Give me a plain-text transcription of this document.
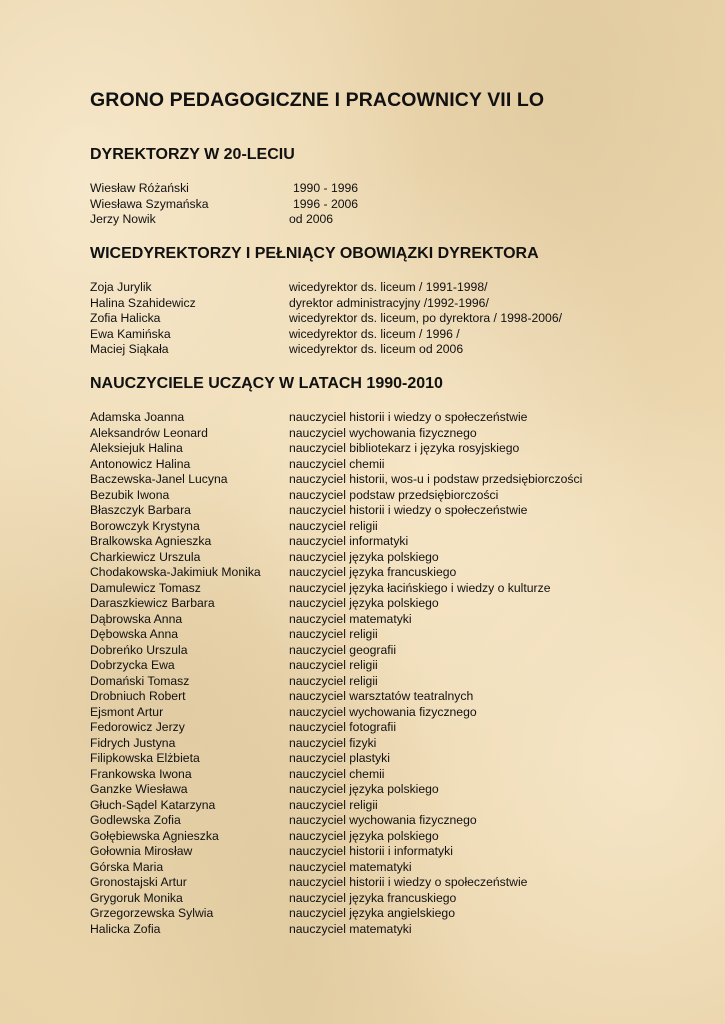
GRONO PEDAGOGICZNE I PRACOWNICY VII LO
DYREKTORZY W 20-LECIU
Wiesław Różański	1990 - 1996
Wiesława Szymańska	1996 - 2006
Jerzy Nowik	od 2006
WICEDYREKTORZY I PEŁNIĄCY OBOWIĄZKI DYREKTORA
Zoja Jurylik	wicedyrektor ds. liceum / 1991-1998/
Halina Szahidewicz	dyrektor administracyjny /1992-1996/
Zofia Halicka	wicedyrektor ds. liceum, po dyrektora / 1998-2006/
Ewa Kamińska	wicedyrektor ds. liceum / 1996 /
Maciej Siąkała	wicedyrektor ds. liceum od 2006
NAUCZYCIELE UCZĄCY W LATACH 1990-2010
Adamska Joanna	nauczyciel historii i wiedzy o społeczeństwie
Aleksandrów Leonard	nauczyciel wychowania fizycznego
Aleksiejuk Halina	nauczyciel bibliotekarz i języka rosyjskiego
Antonowicz Halina	nauczyciel chemii
Baczewska-Janel Lucyna	nauczyciel historii, wos-u i podstaw przedsiębiorczości
Bezubik Iwona	nauczyciel podstaw przedsiębiorczości
Błaszczyk Barbara	nauczyciel historii i wiedzy o społeczeństwie
Borowczyk Krystyna	nauczyciel religii
Bralkowska Agnieszka	nauczyciel informatyki
Charkiewicz Urszula	nauczyciel języka polskiego
Chodakowska-Jakimiuk Monika nauczyciel języka francuskiego
Damulewicz Tomasz	nauczyciel języka łacińskiego i wiedzy o kulturze
Daraszkiewicz Barbara	nauczyciel języka polskiego
Dąbrowska Anna	nauczyciel matematyki
Dębowska Anna	nauczyciel religii
Dobreńko Urszula	nauczyciel geografii
Dobrzycka Ewa	nauczyciel religii
Domański Tomasz	nauczyciel religii
Drobniuch Robert	nauczyciel warsztatów teatralnych
Ejsmont Artur	nauczyciel wychowania fizycznego
Fedorowicz Jerzy	nauczyciel fotografii
Fidrych Justyna	nauczyciel fizyki
Filipkowska Elżbieta	nauczyciel plastyki
Frankowska Iwona	nauczyciel chemii
Ganzke Wiesława	nauczyciel języka polskiego
Głuch-Sądel Katarzyna	nauczyciel religii
Godlewska Zofia	nauczyciel wychowania fizycznego
Gołębiewska Agnieszka	nauczyciel języka polskiego
Gołownia Mirosław	nauczyciel historii i informatyki
Górska Maria	nauczyciel matematyki
Gronostajski Artur	nauczyciel historii i wiedzy o społeczeństwie
Grygoruk Monika	nauczyciel języka francuskiego
Grzegorzewska Sylwia	nauczyciel języka angielskiego
Halicka Zofia	nauczyciel matematyki
